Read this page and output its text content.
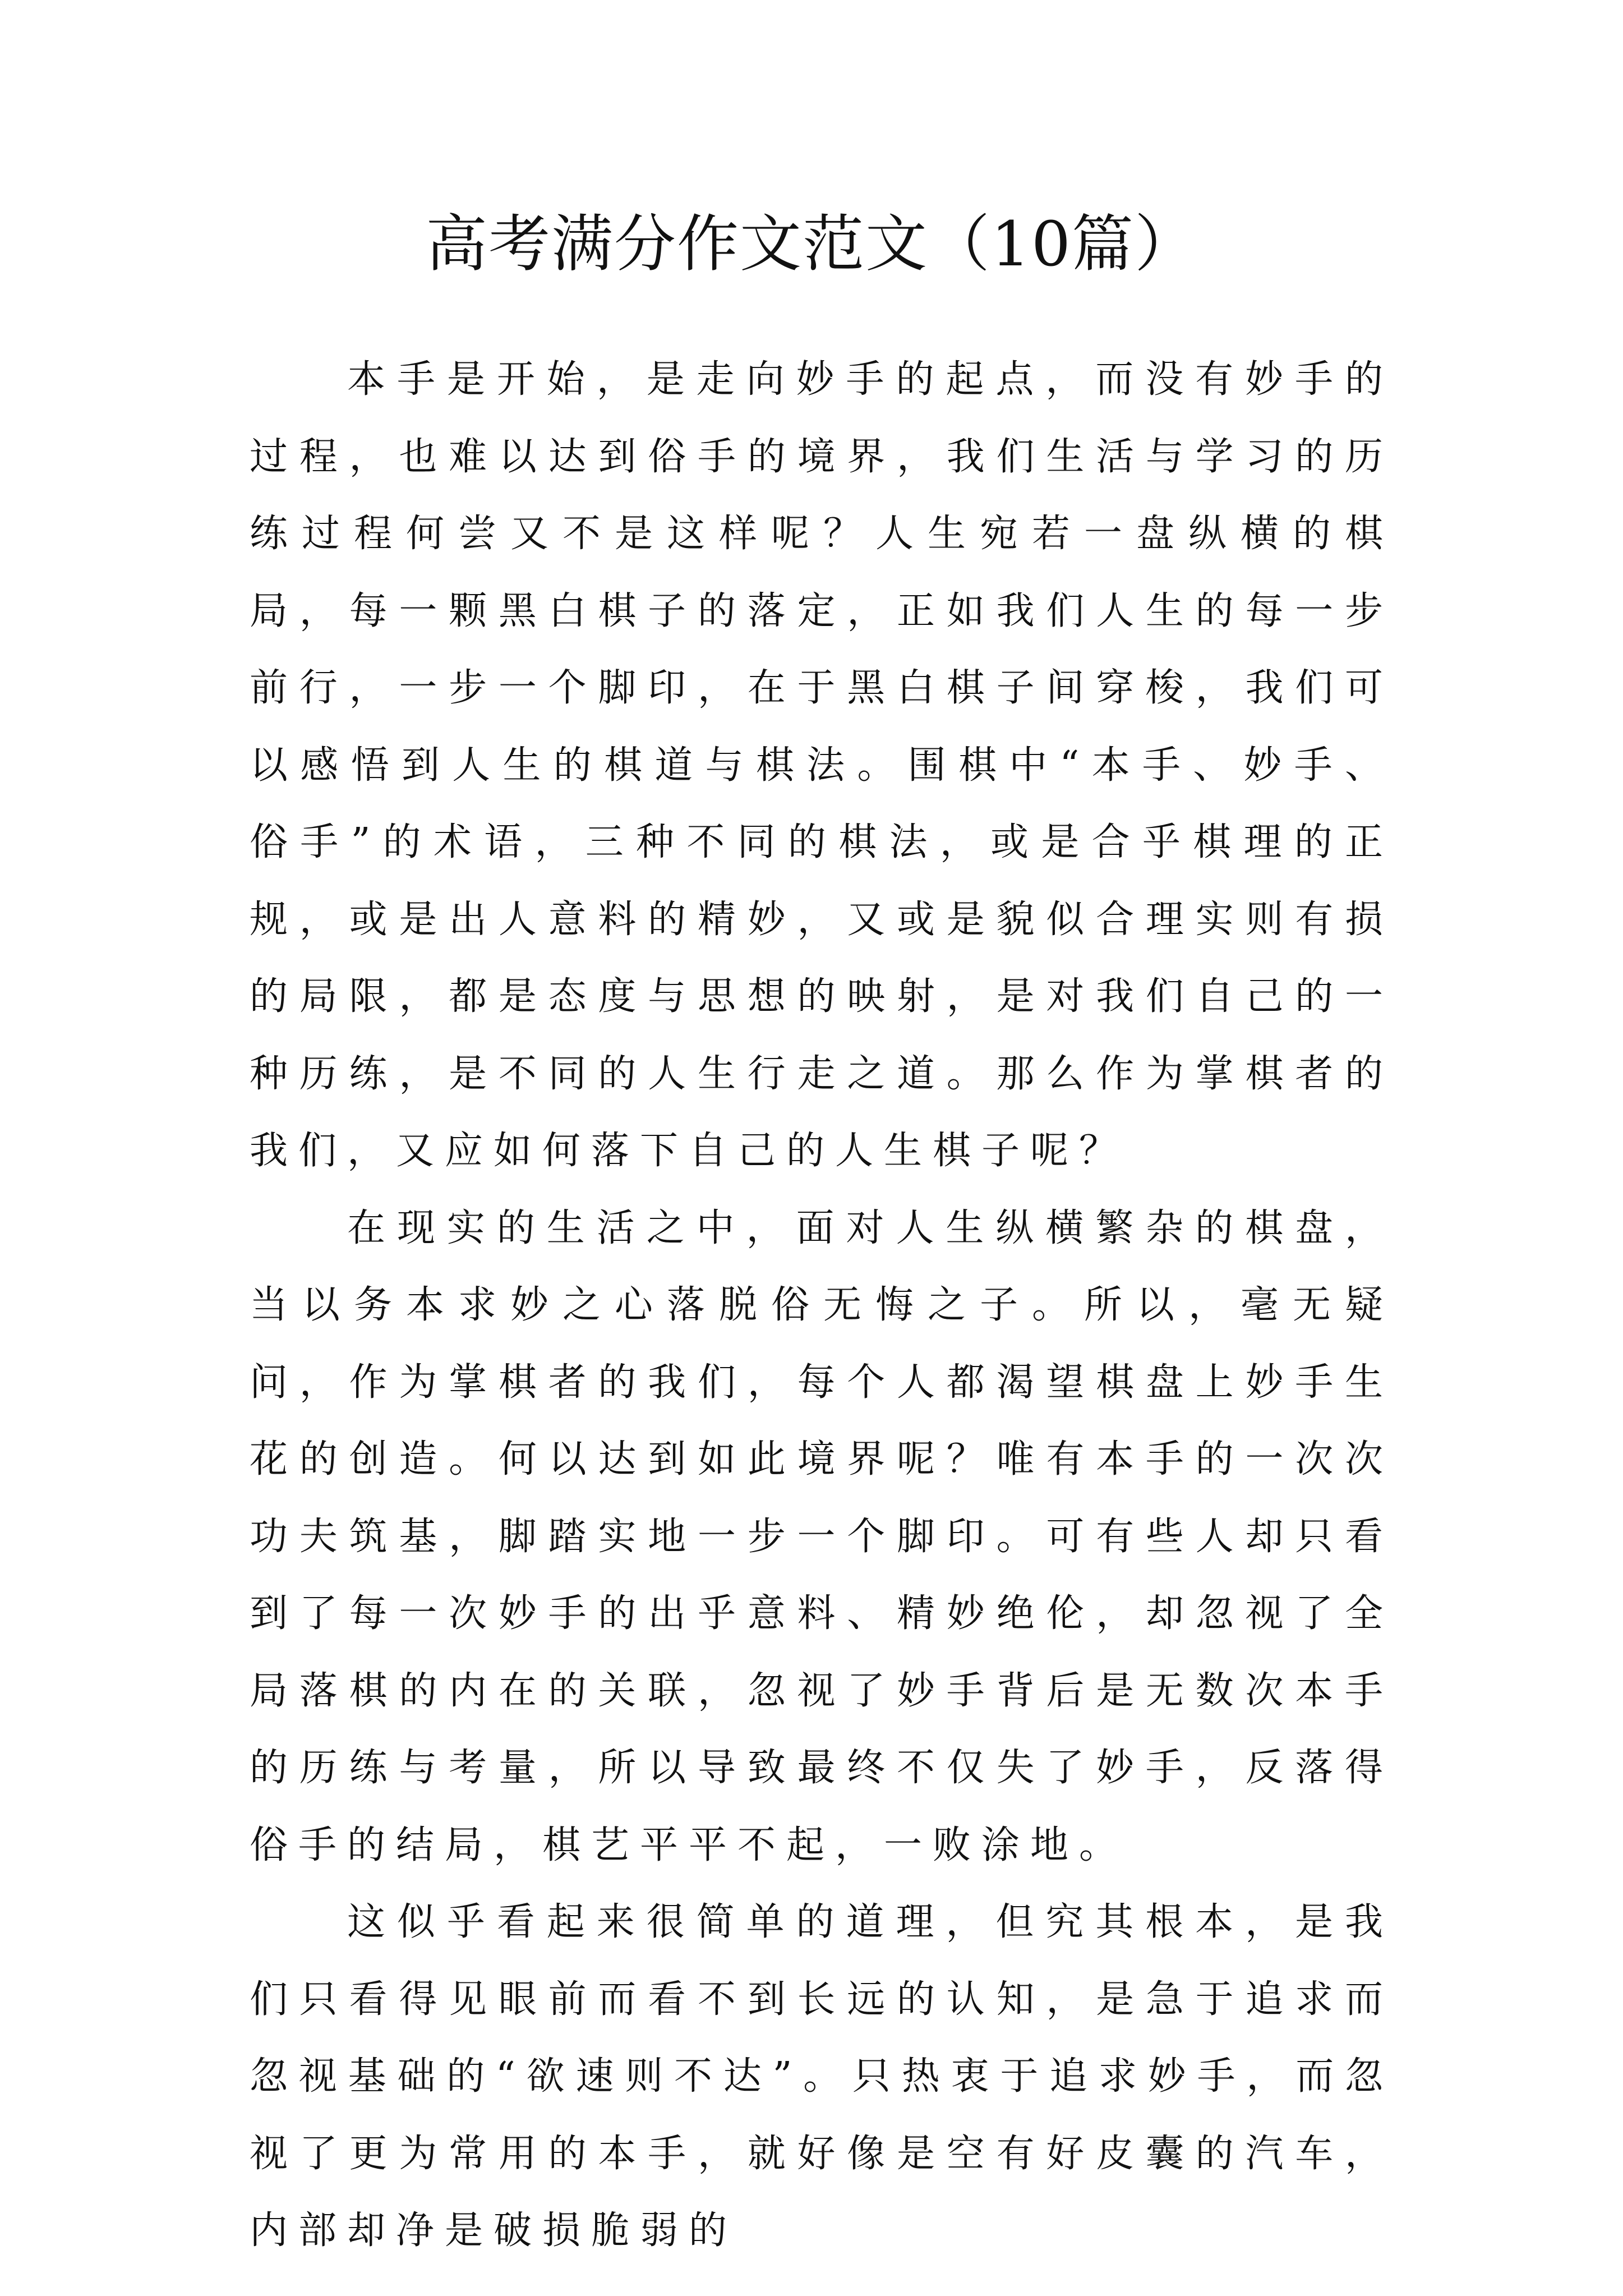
高考满分作文范文（10篇）

本手是开始，是走向妙手的起点，而没有妙手的过程，也难以达到俗手的境界，我们生活与学习的历练过程何尝又不是这样呢？人生宛若一盘纵横的棋局，每一颗黑白棋子的落定，正如我们人生的每一步前行，一步一个脚印，在于黑白棋子间穿梭，我们可以感悟到人生的棋道与棋法。围棋中“本手、妙手、俗手”的术语，三种不同的棋法，或是合乎棋理的正规，或是出人意料的精妙，又或是貌似合理实则有损的局限，都是态度与思想的映射，是对我们自己的一种历练，是不同的人生行走之道。那么作为掌棋者的我们，又应如何落下自己的人生棋子呢？

在现实的生活之中，面对人生纵横繁杂的棋盘，当以务本求妙之心落脱俗无悔之子。所以，毫无疑问，作为掌棋者的我们，每个人都渴望棋盘上妙手生花的创造。何以达到如此境界呢？唯有本手的一次次功夫筑基，脚踏实地一步一个脚印。可有些人却只看到了每一次妙手的出乎意料、精妙绝伦，却忽视了全局落棋的内在的关联，忽视了妙手背后是无数次本手的历练与考量，所以导致最终不仅失了妙手，反落得俗手的结局，棋艺平平不起，一败涂地。

这似乎看起来很简单的道理，但究其根本，是我们只看得见眼前而看不到长远的认知，是急于追求而忽视基础的“欲速则不达”。只热衷于追求妙手，而忽视了更为常用的本手，就好像是空有好皮囊的汽车，内部却净是破损脆弱的
